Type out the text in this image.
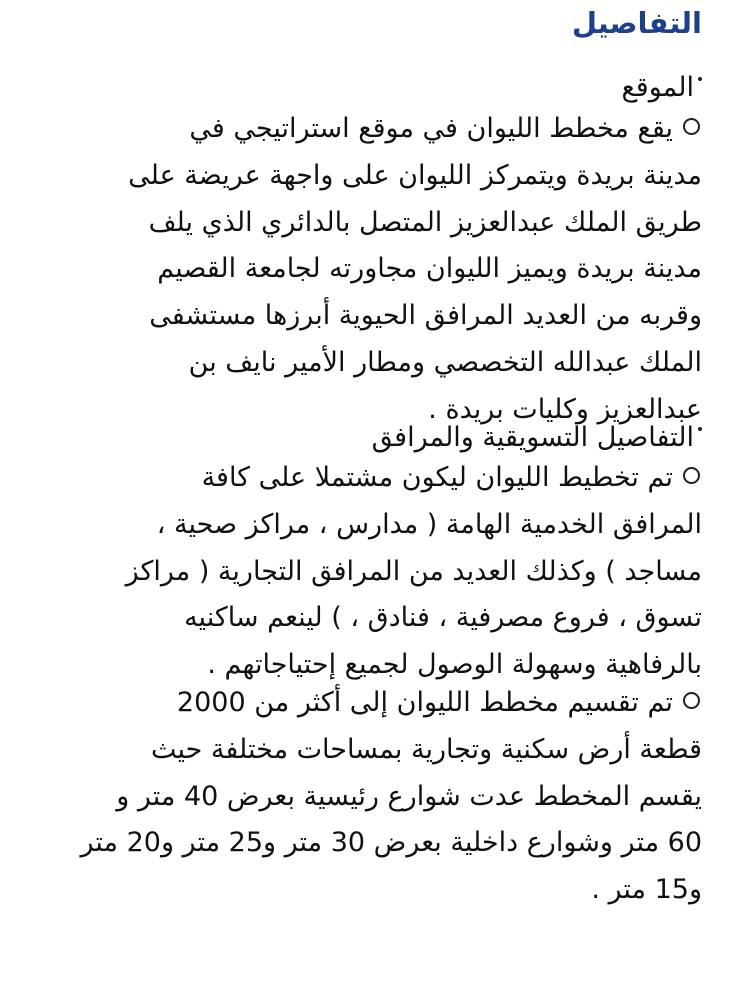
التفاصيل
الموقع
يقع مخطط الليوان في موقع استراتيجي في
مدينة بريدة ويتمركز الليوان على واجهة عريضة على
طريق الملك عبدالعزيز المتصل بالدائري الذي يلف
مدينة بريدة ويميز الليوان مجاورته لجامعة القصيم
وقربه من العديد المرافق الحيوية أبرزها مستشفى
الملك عبدالله التخصصي ومطار الأمير نايف بن
عبدالعزيز وكليات بريدة .
التفاصيل التسويقية والمرافق
تم تخطيط الليوان ليكون مشتملا على كافة
المرافق الخدمية الهامة ( مدارس ، مراكز صحية ،
مساجد ) وكذلك العديد من المرافق التجارية ( مراكز
تسوق ، فروع مصرفية ، فنادق ، ) لينعم ساكنيه
بالرفاهية وسهولة الوصول لجميع إحتياجاتهم .
تم تقسيم مخطط الليوان إلى أكثر من 2000
قطعة أرض سكنية وتجارية بمساحات مختلفة حيث
يقسم المخطط عدت شوارع رئيسية بعرض 40 متر و
60 متر وشوارع داخلية بعرض 30 متر و25 متر و20 متر
و15 متر .
